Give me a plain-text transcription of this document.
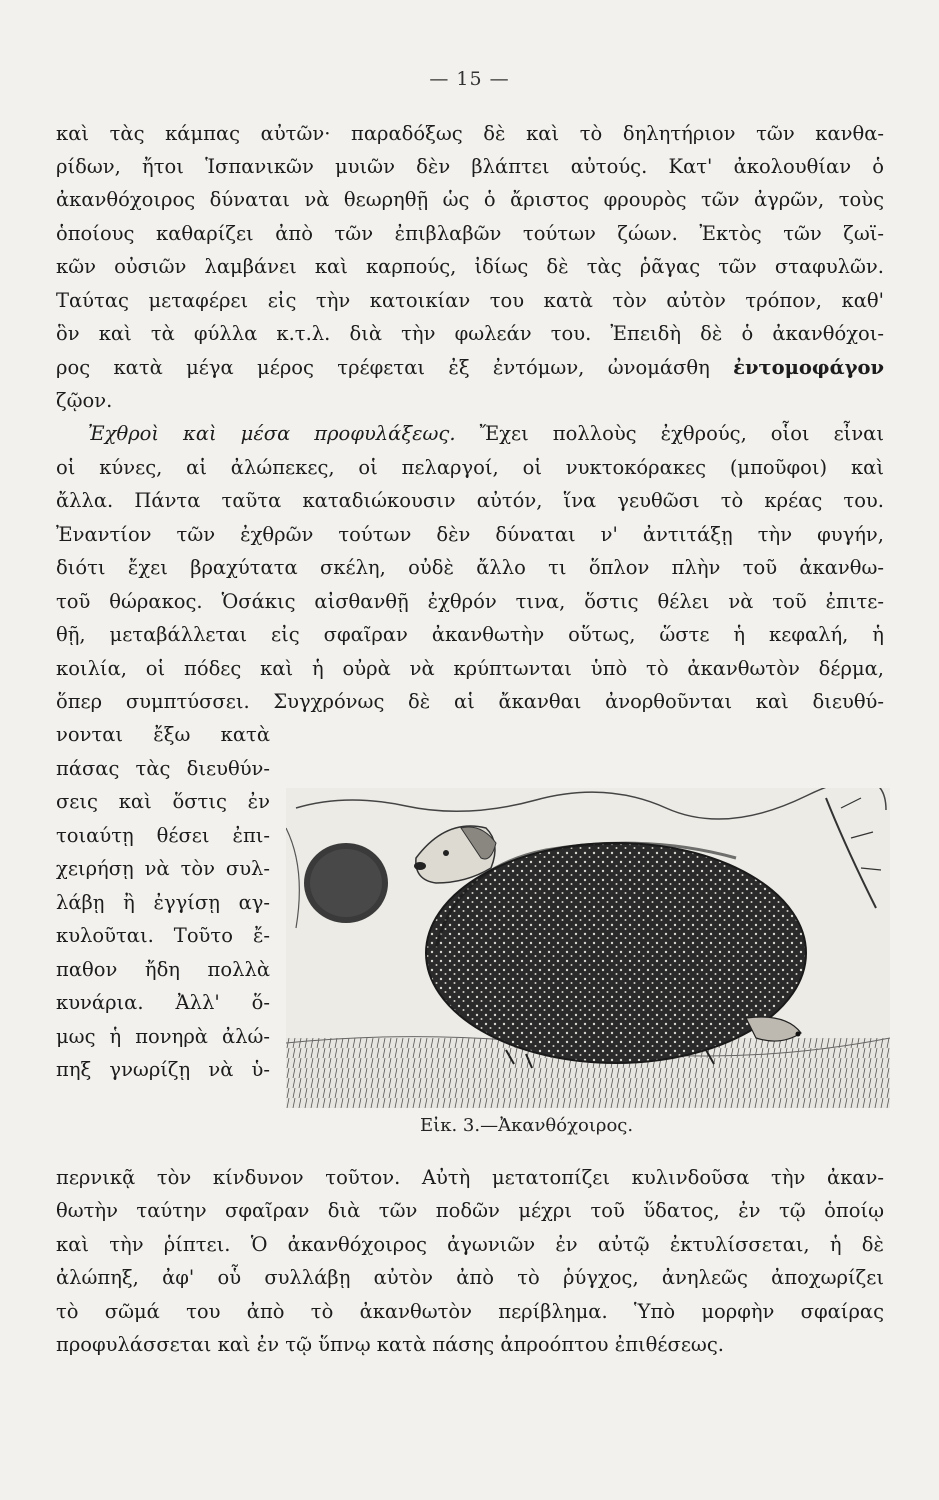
— 15 —
καὶ τὰς κάμπας αὐτῶν· παραδόξως δὲ καὶ τὸ δηλητήριον τῶν κανθα-
ρίδων, ἤτοι Ἱσπανικῶν μυιῶν δὲν βλάπτει αὐτούς. Κατ' ἀκολουθίαν ὁ
ἀκανθόχοιρος δύναται νὰ θεωρηθῇ ὡς ὁ ἄριστος φρουρὸς τῶν ἀγρῶν, τοὺς
ὁποίους καθαρίζει ἀπὸ τῶν ἐπιβλαβῶν τούτων ζώων. Ἐκτὸς τῶν ζωϊ-
κῶν οὐσιῶν λαμβάνει καὶ καρπούς, ἰδίως δὲ τὰς ῥᾶγας τῶν σταφυλῶν.
Ταύτας μεταφέρει εἰς τὴν κατοικίαν του κατὰ τὸν αὐτὸν τρόπον, καθ'
ὃν καὶ τὰ φύλλα κ.τ.λ. διὰ τὴν φωλεάν του. Ἐπειδὴ δὲ ὁ ἀκανθόχοι-
ρος κατὰ μέγα μέρος τρέφεται ἐξ ἐντόμων, ὠνομάσθη ἐντομοφάγον
ζῷον.
Ἐχθροὶ καὶ μέσα προφυλάξεως. Ἔχει πολλοὺς ἐχθρούς, οἷοι εἶναι
οἱ κύνες, αἱ ἀλώπεκες, οἱ πελαργοί, οἱ νυκτοκόρακες (μποῦφοι) καὶ
ἄλλα. Πάντα ταῦτα καταδιώκουσιν αὐτόν, ἵνα γευθῶσι τὸ κρέας του.
Ἐναντίον τῶν ἐχθρῶν τούτων δὲν δύναται ν' ἀντιτάξῃ τὴν φυγήν,
διότι ἔχει βραχύτατα σκέλη, οὐδὲ ἄλλο τι ὅπλον πλὴν τοῦ ἀκανθω-
τοῦ θώρακος. Ὁσάκις αἰσθανθῇ ἐχθρόν τινα, ὅστις θέλει νὰ τοῦ ἐπιτε-
θῇ, μεταβάλλεται εἰς σφαῖραν ἀκανθωτὴν οὕτως, ὥστε ἡ κεφαλή, ἡ
κοιλία, οἱ πόδες καὶ ἡ οὐρὰ νὰ κρύπτωνται ὑπὸ τὸ ἀκανθωτὸν δέρμα,
ὅπερ συμπτύσσει. Συγχρόνως δὲ αἱ ἄκανθαι ἀνορθοῦνται καὶ διευθύ-
νονται ἔξω κατὰ
πάσας τὰς διευθύν-
σεις καὶ ὅστις ἐν
τοιαύτῃ θέσει ἐπι-
χειρήσῃ νὰ τὸν συλ-
λάβῃ ἢ ἐγγίσῃ αγ-
κυλοῦται. Τοῦτο ἔ-
παθον ἤδη πολλὰ
κυνάρια. Ἀλλ' ὅ-
μως ἡ πονηρὰ ἀλώ-
πηξ γνωρίζῃ νὰ ὑ-
Εἰκ. 3.—Ἀκανθόχοιρος.
περνικᾷ τὸν κίνδυνον τοῦτον. Αὐτὴ μετατοπίζει κυλινδοῦσα τὴν ἀκαν-
θωτὴν ταύτην σφαῖραν διὰ τῶν ποδῶν μέχρι τοῦ ὕδατος, ἐν τῷ ὁποίῳ
καὶ τὴν ῥίπτει. Ὁ ἀκανθόχοιρος ἀγωνιῶν ἐν αὐτῷ ἐκτυλίσσεται, ἡ δὲ
ἀλώπηξ, ἀφ' οὗ συλλάβῃ αὐτὸν ἀπὸ τὸ ῥύγχος, ἀνηλεῶς ἀποχωρίζει
τὸ σῶμά του ἀπὸ τὸ ἀκανθωτὸν περίβλημα. Ὑπὸ μορφὴν σφαίρας
προφυλάσσεται καὶ ἐν τῷ ὕπνῳ κατὰ πάσης ἀπροόπτου ἐπιθέσεως.
